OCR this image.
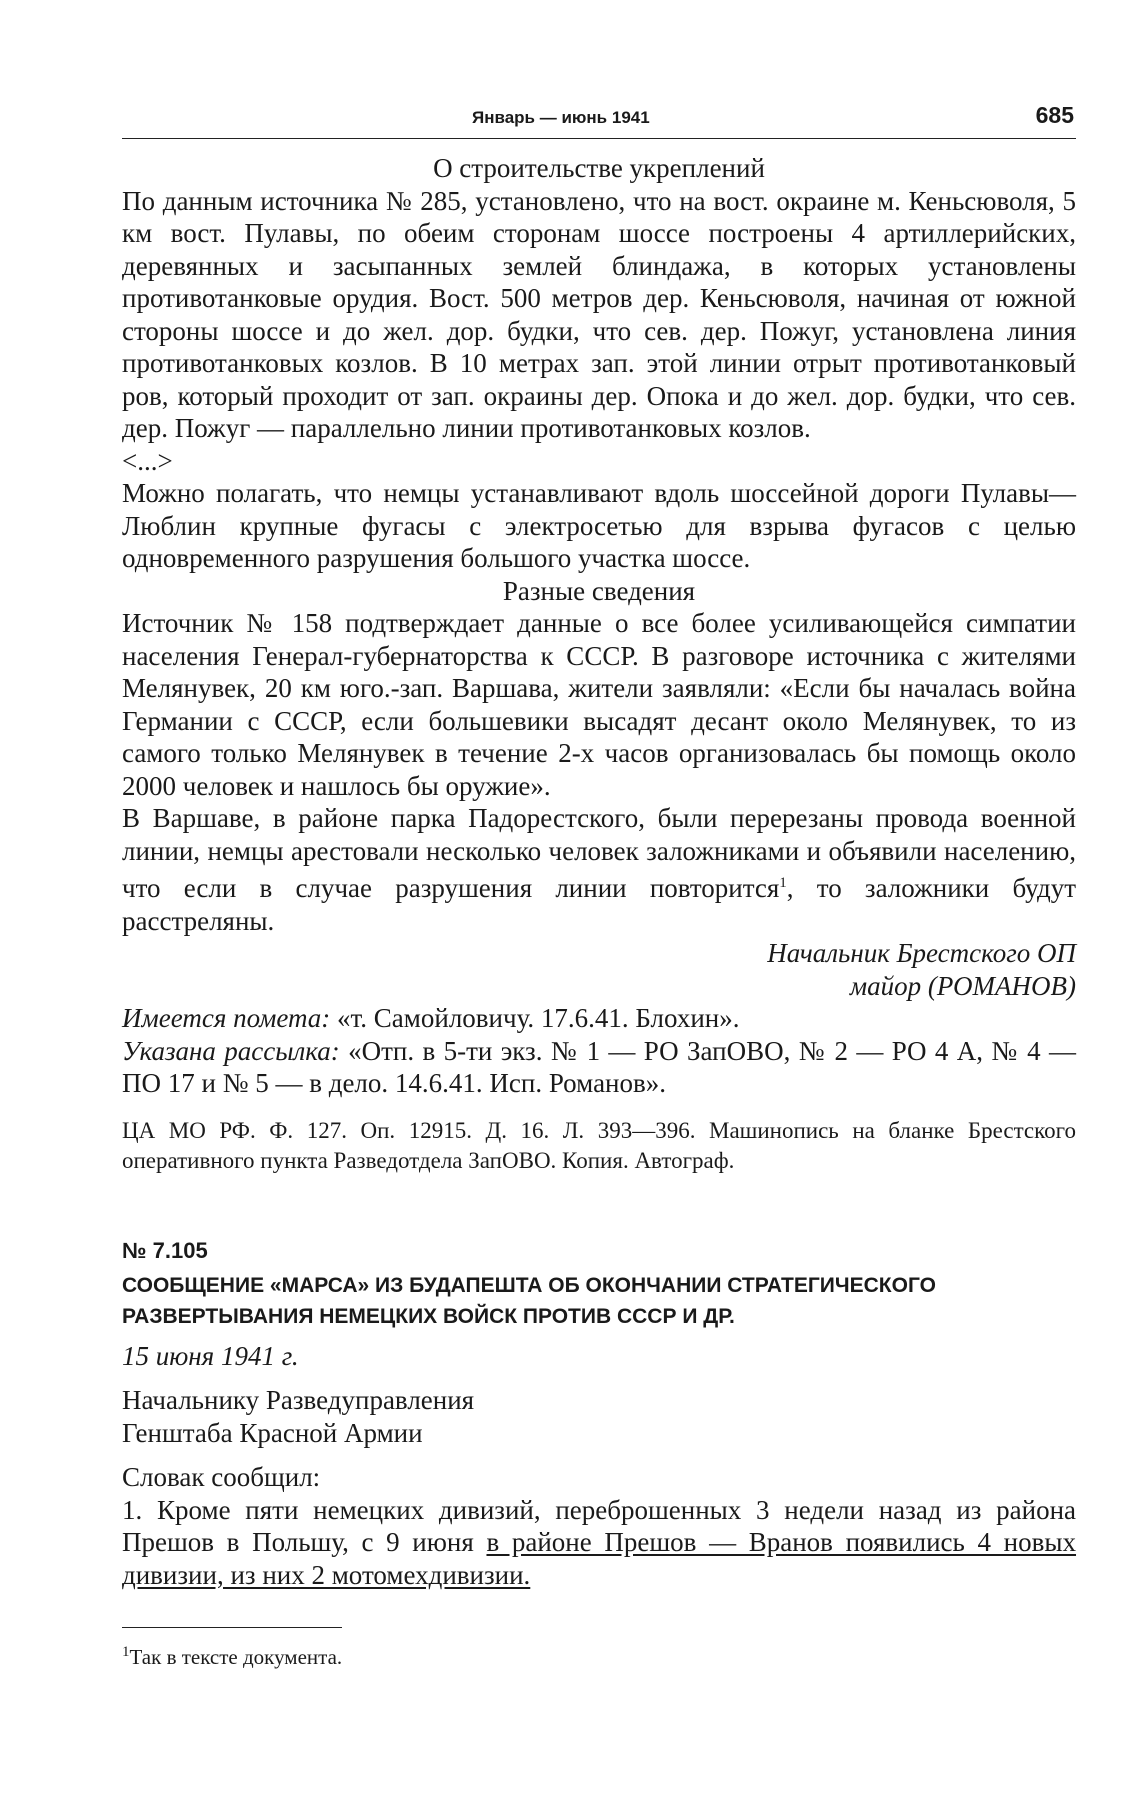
Январь — июнь 1941	685

О строительстве укреплений

По данным источника № 285, установлено, что на вост. окраине м. Кеньсюволя, 5 км вост. Пулавы, по обеим сторонам шоссе построены 4 артиллерийских, деревянных и засыпанных землей блиндажа, в которых установлены противотанковые орудия. Вост. 500 метров дер. Кеньсюволя, начиная от южной стороны шоссе и до жел. дор. будки, что сев. дер. Пожуг, установлена линия противотанковых козлов. В 10 метрах зап. этой линии отрыт противотанковый ров, который проходит от зап. окраины дер. Опока и до жел. дор. будки, что сев. дер. Пожуг — параллельно линии противотанковых козлов.

<...>

Можно полагать, что немцы устанавливают вдоль шоссейной дороги Пулавы—Люблин крупные фугасы с электросетью для взрыва фугасов с целью одновременного разрушения большого участка шоссе.

Разные сведения

Источник № 158 подтверждает данные о все более усиливающейся симпатии населения Генерал-губернаторства к СССР. В разговоре источника с жителями Мелянувек, 20 км юго.-зап. Варшава, жители заявляли: «Если бы началась война Германии с СССР, если большевики высадят десант около Мелянувек, то из самого только Мелянувек в течение 2-х часов организовалась бы помощь около 2000 человек и нашлось бы оружие».

В Варшаве, в районе парка Падорестского, были перерезаны провода военной линии, немцы арестовали несколько человек заложниками и объявили населению, что если в случае разрушения линии повторится$^1$, то заложники будут расстреляны.

Начальник Брестского ОП

майор (РОМАНОВ)

Имеется помета: «т. Самойловичу. 17.6.41. Блохин».

Указана рассылка: «Отп. в 5-ти экз. № 1 — РО ЗапОВО, № 2 — РО 4 А, № 4 — ПО 17 и № 5 — в дело. 14.6.41. Исп. Романов».

ЦА МО РФ. Ф. 127. Оп. 12915. Д. 16. Л. 393—396. Машинопись на бланке Брестского оперативного пункта Разведотдела ЗапОВО. Копия. Автограф.

№ 7.105

СООБЩЕНИЕ «МАРСА» ИЗ БУДАПЕШТА ОБ ОКОНЧАНИИ СТРАТЕГИЧЕСКОГО
РАЗВЕРТЫВАНИЯ НЕМЕЦКИХ ВОЙСК ПРОТИВ СССР И ДР.

15 июня 1941 г.

Начальнику Разведуправления

Генштаба Красной Армии

Словак сообщил:

1. Кроме пяти немецких дивизий, переброшенных 3 недели назад из района Прешов в Польшу, с 9 июня в районе Прешов — Вранов появились 4 новых дивизии, из них 2 мотомехдивизии.

$^1$Так в тексте документа.
